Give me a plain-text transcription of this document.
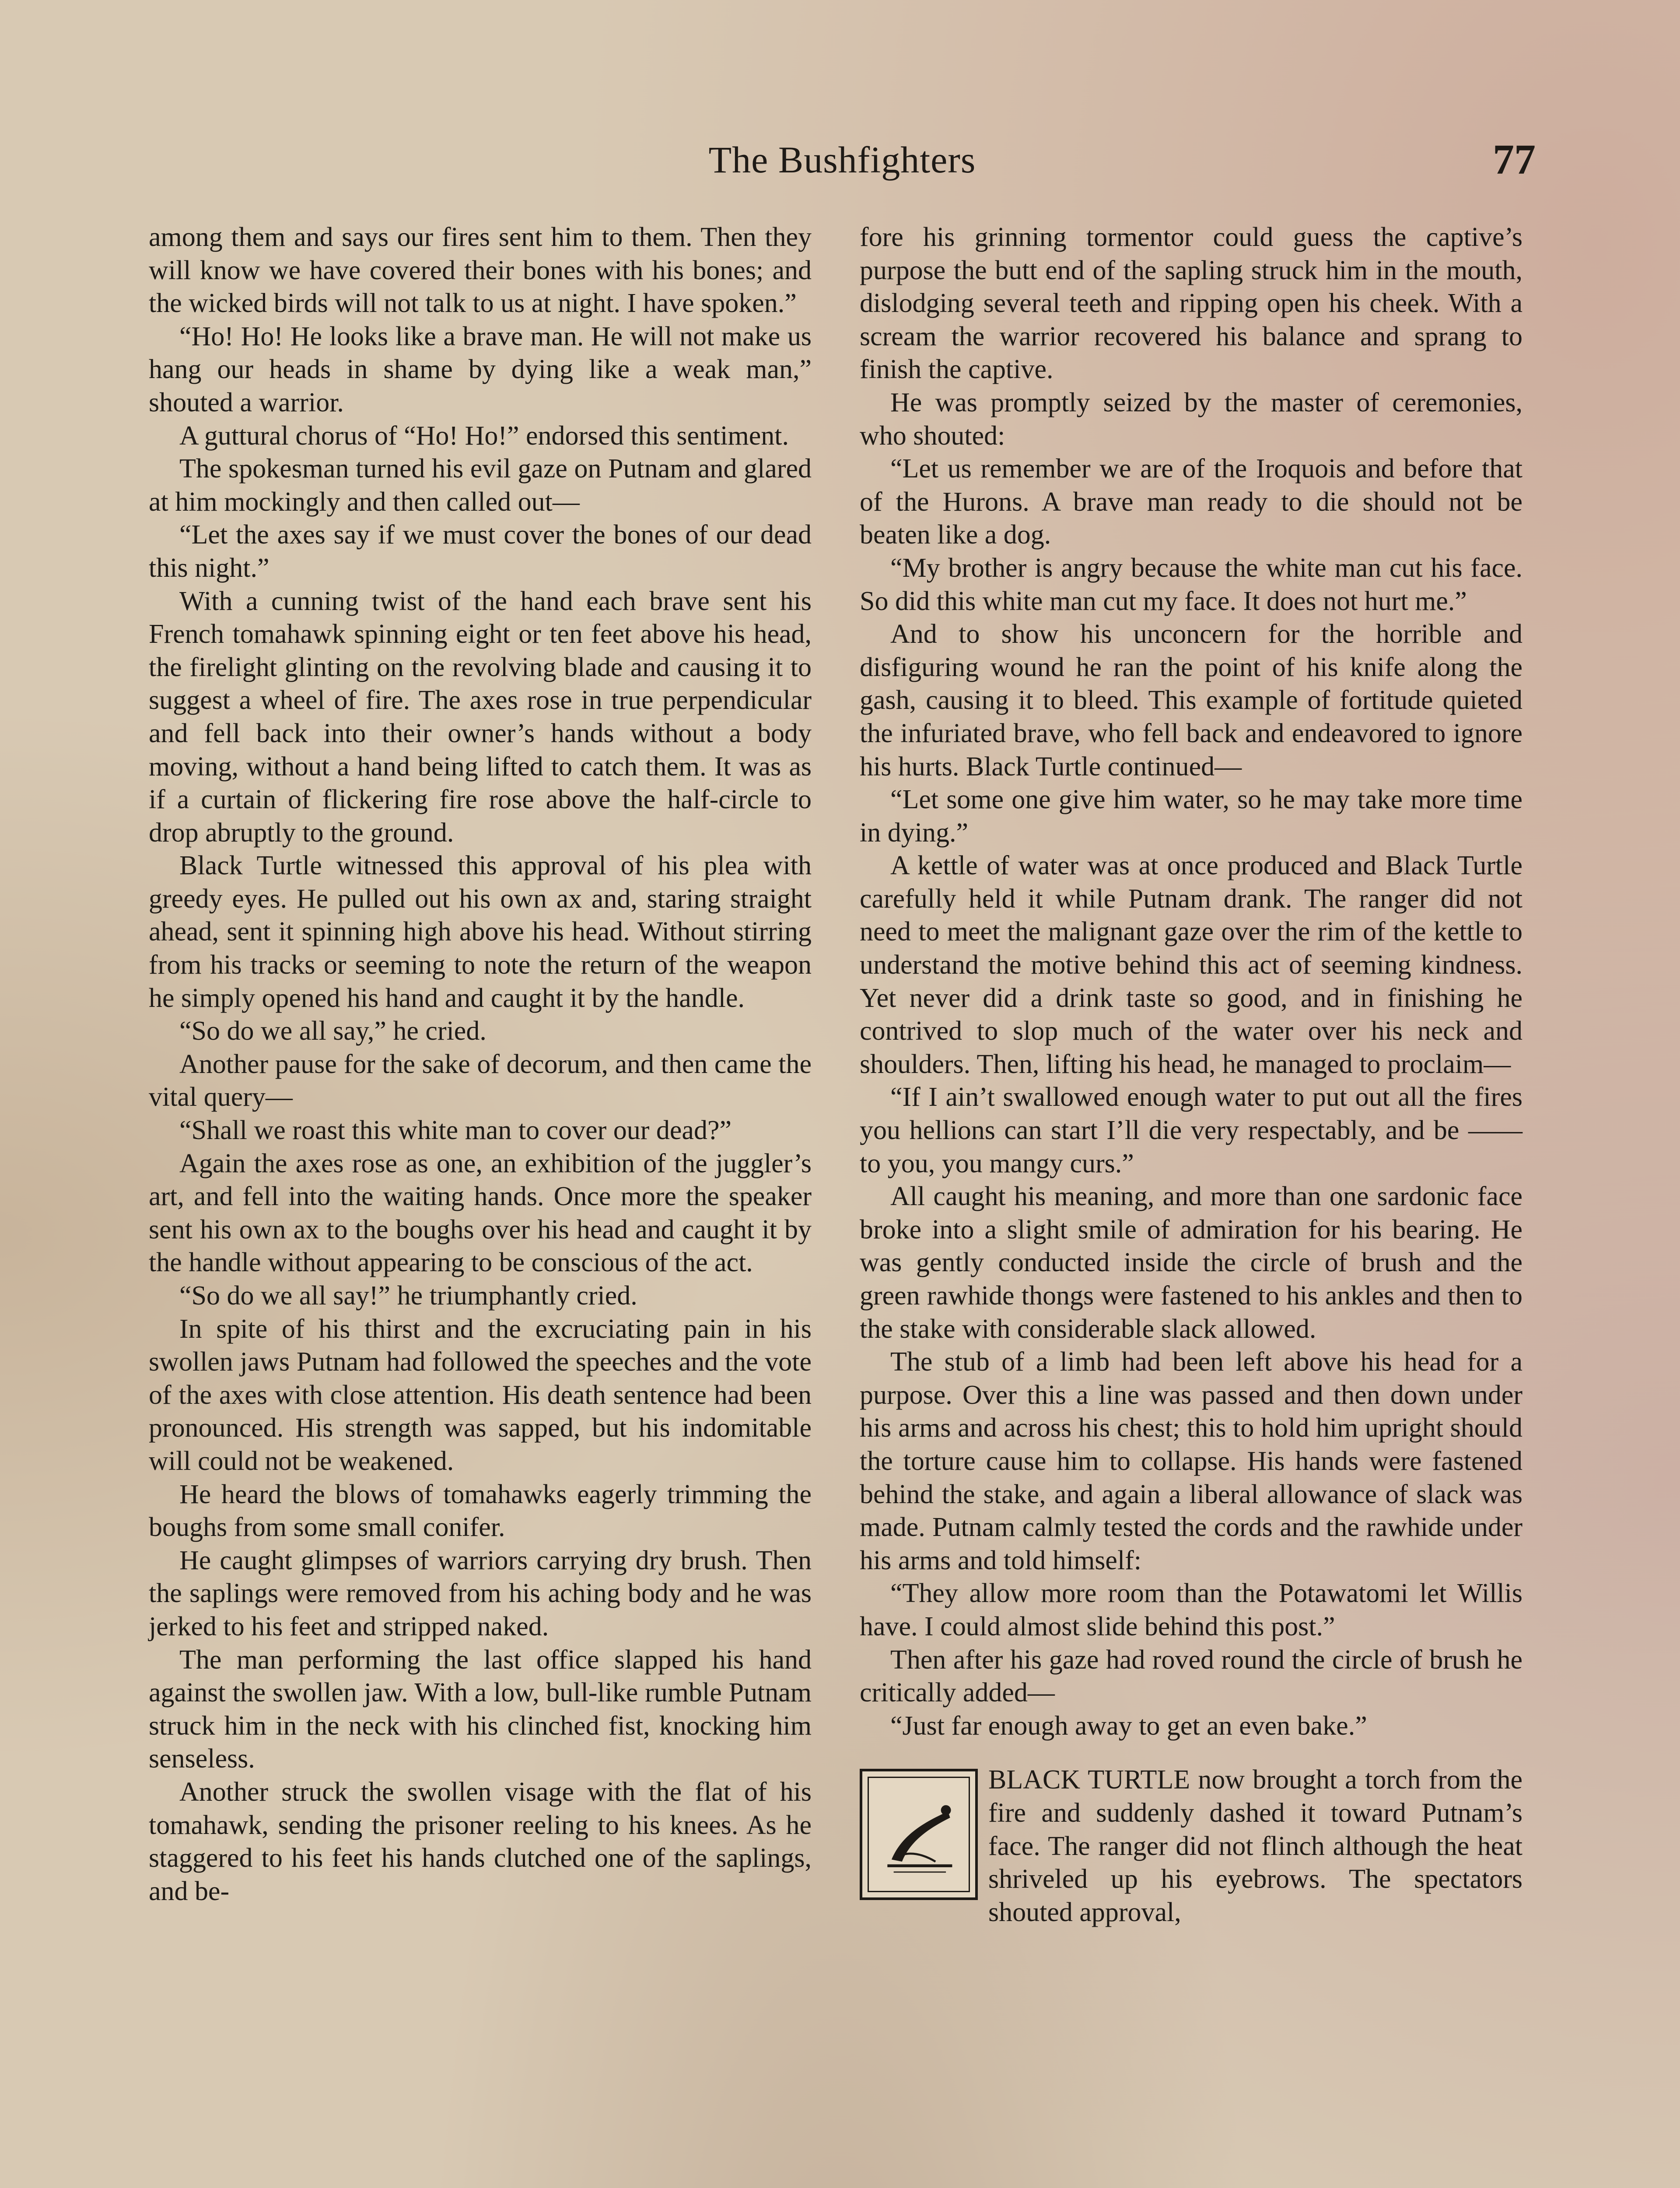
The Bushfighters	77

among them and says our fires sent him to them. Then they will know we have covered their bones with his bones; and the wicked birds will not talk to us at night. I have spoken.”

“Ho! Ho! He looks like a brave man. He will not make us hang our heads in shame by dying like a weak man,” shouted a warrior.

A guttural chorus of “Ho! Ho!” endorsed this sentiment.

The spokesman turned his evil gaze on Putnam and glared at him mockingly and then called out—

“Let the axes say if we must cover the bones of our dead this night.”

With a cunning twist of the hand each brave sent his French tomahawk spinning eight or ten feet above his head, the firelight glinting on the revolving blade and causing it to suggest a wheel of fire. The axes rose in true perpendicular and fell back into their owner’s hands without a body moving, without a hand being lifted to catch them. It was as if a curtain of flickering fire rose above the half-circle to drop abruptly to the ground.

Black Turtle witnessed this approval of his plea with greedy eyes. He pulled out his own ax and, staring straight ahead, sent it spinning high above his head. Without stirring from his tracks or seeming to note the return of the weapon he simply opened his hand and caught it by the handle.

“So do we all say,” he cried.

Another pause for the sake of decorum, and then came the vital query—

“Shall we roast this white man to cover our dead?”

Again the axes rose as one, an exhibition of the juggler’s art, and fell into the waiting hands. Once more the speaker sent his own ax to the boughs over his head and caught it by the handle without appearing to be conscious of the act.

“So do we all say!” he triumphantly cried.

In spite of his thirst and the excruciating pain in his swollen jaws Putnam had followed the speeches and the vote of the axes with close attention. His death sentence had been pronounced. His strength was sapped, but his indomitable will could not be weakened.

He heard the blows of tomahawks eagerly trimming the boughs from some small conifer.

He caught glimpses of warriors carrying dry brush. Then the saplings were removed from his aching body and he was jerked to his feet and stripped naked.

The man performing the last office slapped his hand against the swollen jaw. With a low, bull-like rumble Putnam struck him in the neck with his clinched fist, knocking him senseless.

Another struck the swollen visage with the flat of his tomahawk, sending the prisoner reeling to his knees. As he staggered to his feet his hands clutched one of the saplings, and be-

fore his grinning tormentor could guess the captive’s purpose the butt end of the sapling struck him in the mouth, dislodging several teeth and ripping open his cheek. With a scream the warrior recovered his balance and sprang to finish the captive.

He was promptly seized by the master of ceremonies, who shouted:

“Let us remember we are of the Iroquois and before that of the Hurons. A brave man ready to die should not be beaten like a dog.

“My brother is angry because the white man cut his face. So did this white man cut my face. It does not hurt me.”

And to show his unconcern for the horrible and disfiguring wound he ran the point of his knife along the gash, causing it to bleed. This example of fortitude quieted the infuriated brave, who fell back and endeavored to ignore his hurts. Black Turtle continued—

“Let some one give him water, so he may take more time in dying.”

A kettle of water was at once produced and Black Turtle carefully held it while Putnam drank. The ranger did not need to meet the malignant gaze over the rim of the kettle to understand the motive behind this act of seeming kindness. Yet never did a drink taste so good, and in finishing he contrived to slop much of the water over his neck and shoulders. Then, lifting his head, he managed to proclaim—

“If I ain’t swallowed enough water to put out all the fires you hellions can start I’ll die very respectably, and be —— to you, you mangy curs.”

All caught his meaning, and more than one sardonic face broke into a slight smile of admiration for his bearing. He was gently conducted inside the circle of brush and the green rawhide thongs were fastened to his ankles and then to the stake with considerable slack allowed.

The stub of a limb had been left above his head for a purpose. Over this a line was passed and then down under his arms and across his chest; this to hold him upright should the torture cause him to collapse. His hands were fastened behind the stake, and again a liberal allowance of slack was made. Putnam calmly tested the cords and the rawhide under his arms and told himself:

“They allow more room than the Potawatomi let Willis have. I could almost slide behind this post.”

Then after his gaze had roved round the circle of brush he critically added—

“Just far enough away to get an even bake.”

BLACK TURTLE now brought a torch from the fire and suddenly dashed it toward Putnam’s face. The ranger did not flinch although the heat shriveled up his eyebrows. The spectators shouted approval,
